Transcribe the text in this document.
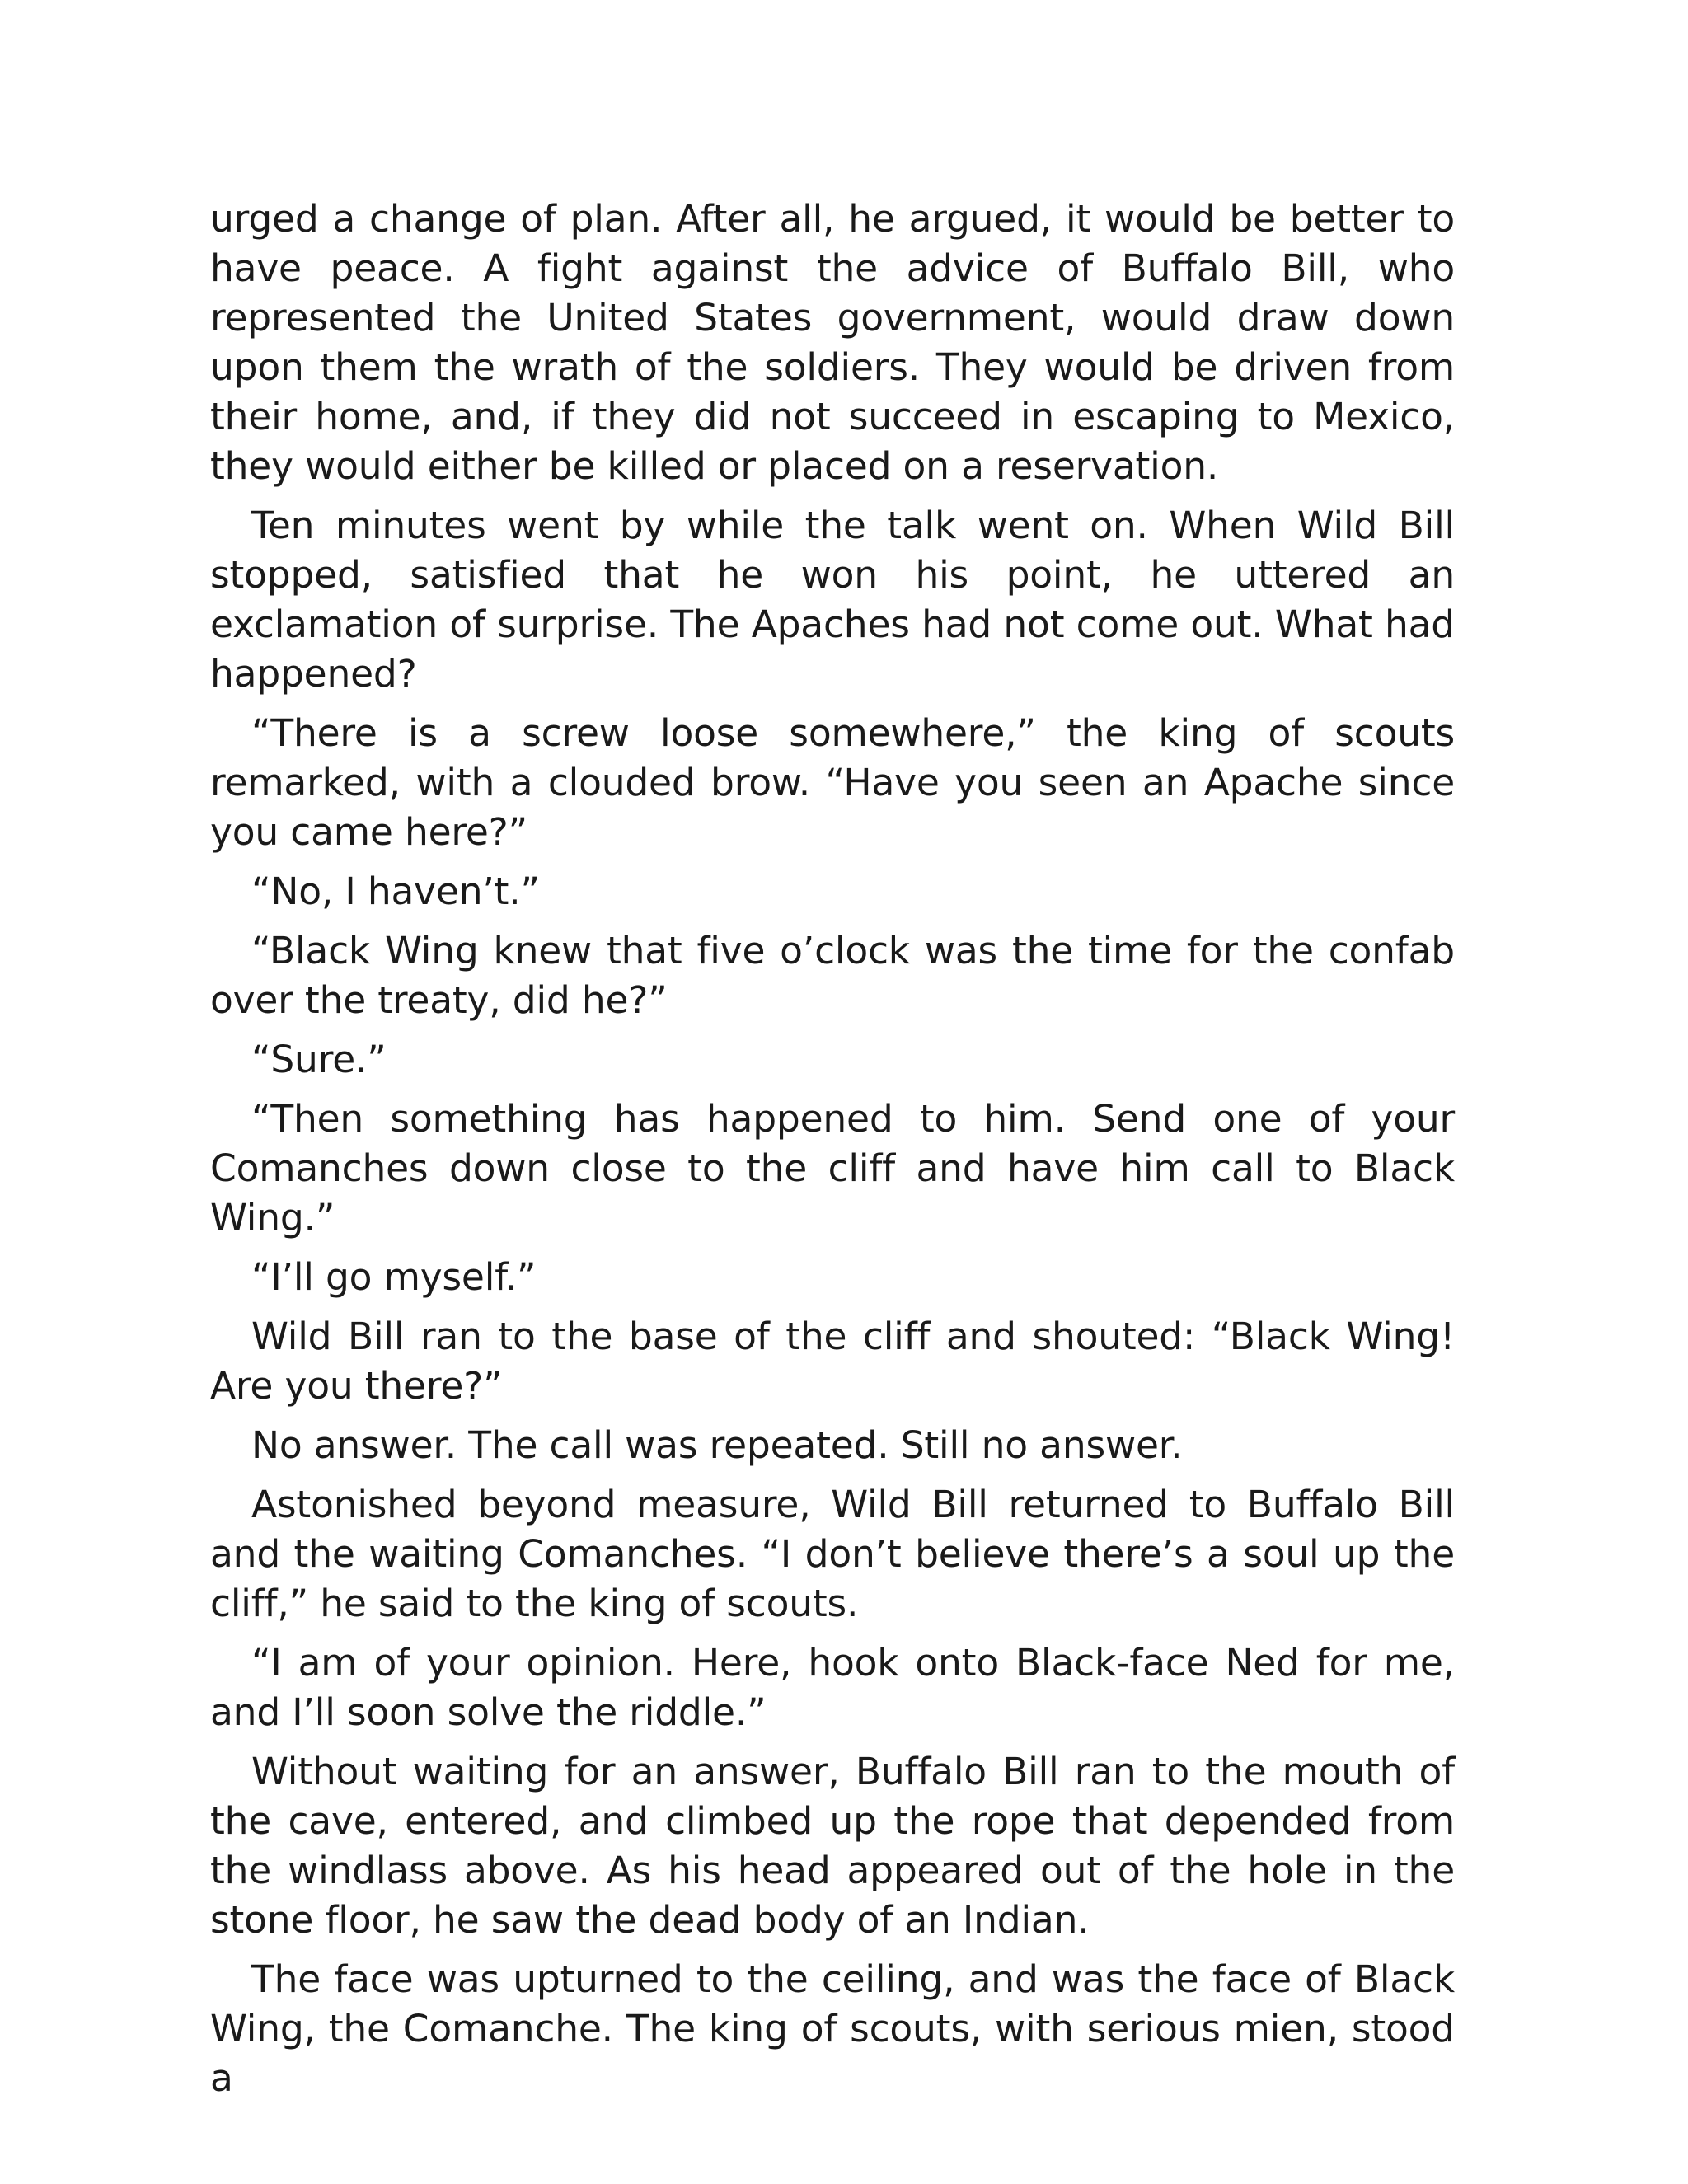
urged a change of plan. After all, he argued, it would be better to have peace. A fight against the advice of Buffalo Bill, who represented the United States government, would draw down upon them the wrath of the soldiers. They would be driven from their home, and, if they did not succeed in escaping to Mexico, they would either be killed or placed on a reservation.

Ten minutes went by while the talk went on. When Wild Bill stopped, satisfied that he won his point, he uttered an exclamation of surprise. The Apaches had not come out. What had happened?

“There is a screw loose somewhere,” the king of scouts remarked, with a clouded brow. “Have you seen an Apache since you came here?”

“No, I haven’t.”

“Black Wing knew that five o’clock was the time for the confab over the treaty, did he?”

“Sure.”

“Then something has happened to him. Send one of your Comanches down close to the cliff and have him call to Black Wing.”

“I’ll go myself.”

Wild Bill ran to the base of the cliff and shouted: “Black Wing! Are you there?”

No answer. The call was repeated. Still no answer.

Astonished beyond measure, Wild Bill returned to Buffalo Bill and the waiting Comanches. “I don’t believe there’s a soul up the cliff,” he said to the king of scouts.

“I am of your opinion. Here, hook onto Black-face Ned for me, and I’ll soon solve the riddle.”

Without waiting for an answer, Buffalo Bill ran to the mouth of the cave, entered, and climbed up the rope that depended from the windlass above. As his head appeared out of the hole in the stone floor, he saw the dead body of an Indian.

The face was upturned to the ceiling, and was the face of Black Wing, the Comanche. The king of scouts, with serious mien, stood a
